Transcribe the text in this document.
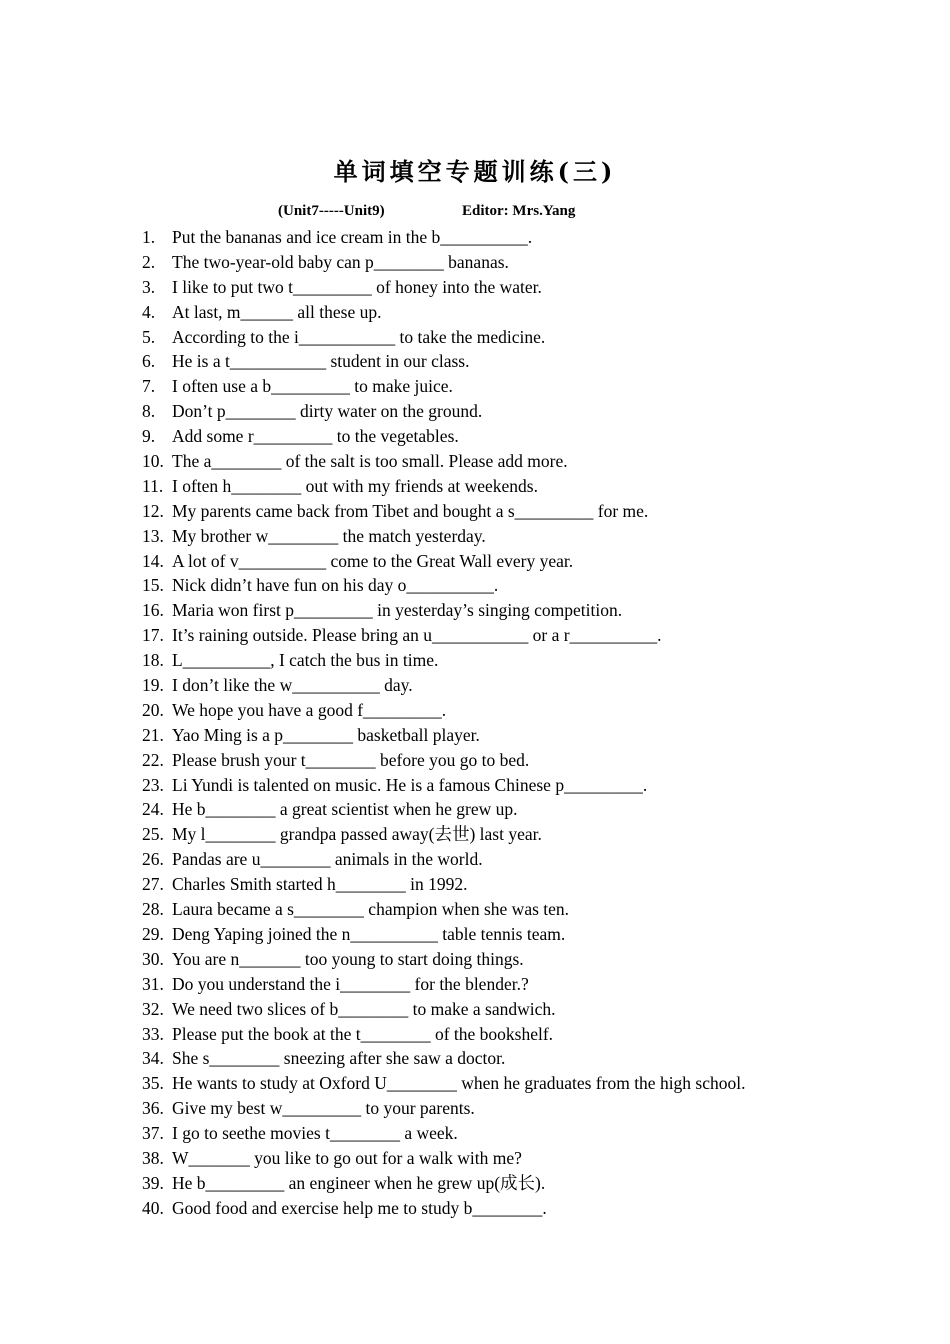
单词填空专题训练(三)
(Unit7-----Unit9)	Editor: Mrs.Yang
1. Put the bananas and ice cream in the b__________.
2. The two-year-old baby can p________ bananas.
3. I like to put two t_________ of honey into the water.
4. At last, m______ all these up.
5. According to the i___________ to take the medicine.
6. He is a t___________ student in our class.
7. I often use a b_________ to make juice.
8. Don’t p________ dirty water on the ground.
9. Add some r_________ to the vegetables.
10. The a________ of the salt is too small. Please add more.
11. I often h________ out with my friends at weekends.
12. My parents came back from Tibet and bought a s_________ for me.
13. My brother w________ the match yesterday.
14. A lot of v__________ come to the Great Wall every year.
15. Nick didn’t have fun on his day o__________.
16. Maria won first p_________ in yesterday’s singing competition.
17. It’s raining outside. Please bring an u___________ or a r__________.
18. L__________, I catch the bus in time.
19. I don’t like the w__________ day.
20. We hope you have a good f_________.
21. Yao Ming is a p________ basketball player.
22. Please brush your t________ before you go to bed.
23. Li Yundi is talented on music. He is a famous Chinese p_________.
24. He b________ a great scientist when he grew up.
25. My l________ grandpa passed away(去世) last year.
26. Pandas are u________ animals in the world.
27. Charles Smith started h________ in 1992.
28. Laura became a s________ champion when she was ten.
29. Deng Yaping joined the n__________ table tennis team.
30. You are n_______ too young to start doing things.
31. Do you understand the i________ for the blender.?
32. We need two slices of b________ to make a sandwich.
33. Please put the book at the t________ of the bookshelf.
34. She s________ sneezing after she saw a doctor.
35. He wants to study at Oxford U________ when he graduates from the high school.
36. Give my best w_________ to your parents.
37. I go to seethe movies t________ a week.
38. W_______ you like to go out for a walk with me?
39. He b_________ an engineer when he grew up(成长).
40. Good food and exercise help me to study b________.
